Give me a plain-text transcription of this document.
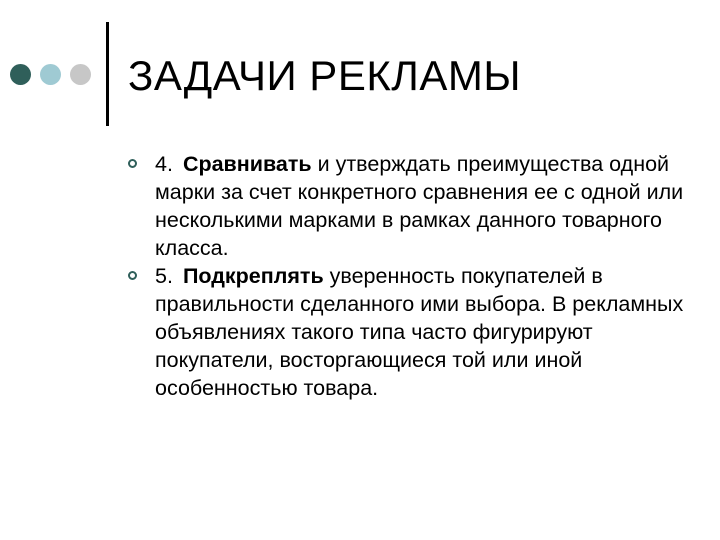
ЗАДАЧИ РЕКЛАМЫ
4. Сравнивать и утверждать преимущества одной марки за счет конкретного сравнения ее с одной или несколькими марками в рамках данного товарного класса.
5. Подкреплять уверенность покупателей в правильности сделанного ими выбора. В рекламных объявлениях такого типа часто фигурируют покупатели, восторгающиеся той или иной особенностью товара.
